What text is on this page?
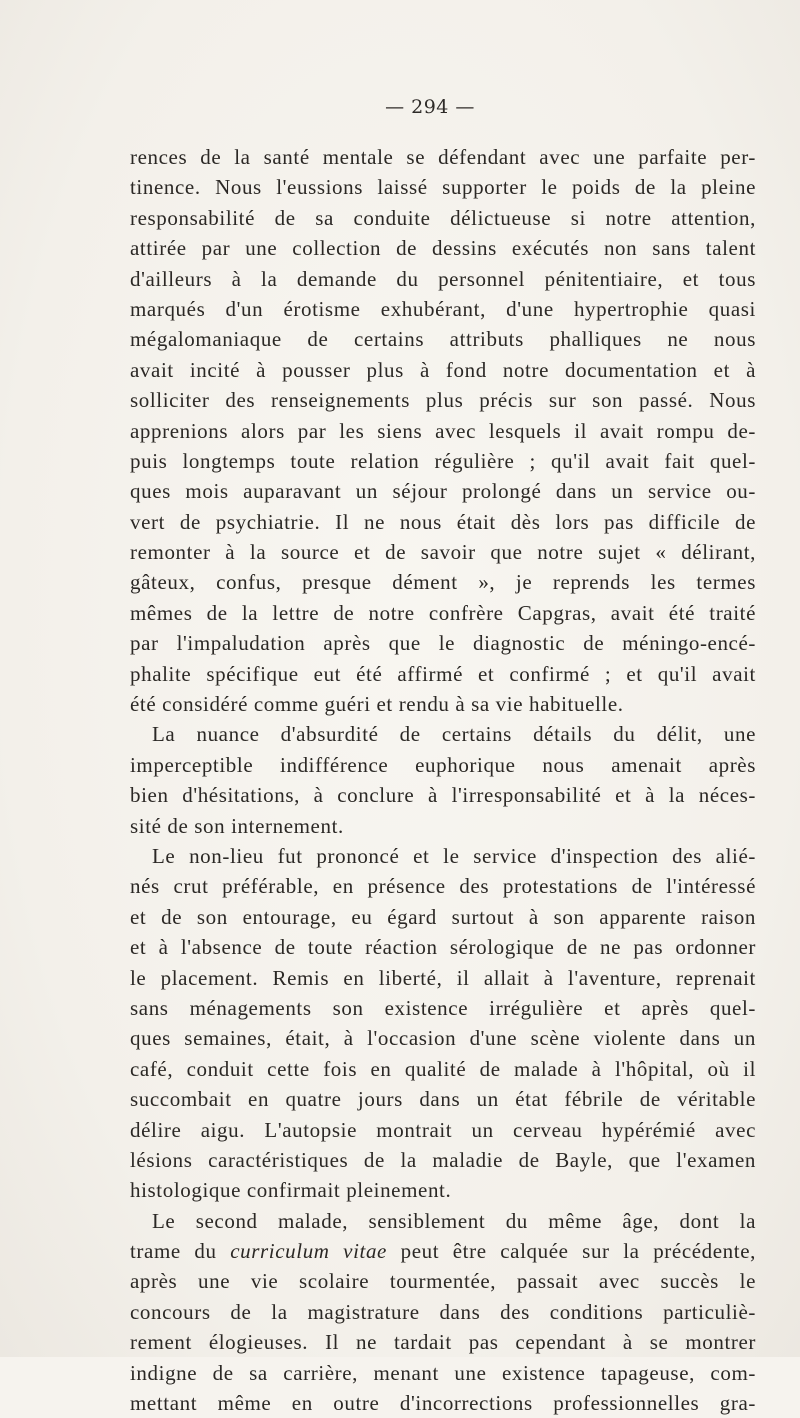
— 294 —
rences de la santé mentale se défendant avec une parfaite per-
tinence. Nous l'eussions laissé supporter le poids de la pleine
responsabilité de sa conduite délictueuse si notre attention,
attirée par une collection de dessins exécutés non sans talent
d'ailleurs à la demande du personnel pénitentiaire, et tous
marqués d'un érotisme exhubérant, d'une hypertrophie quasi
mégalomaniaque de certains attributs phalliques ne nous
avait incité à pousser plus à fond notre documentation et à
solliciter des renseignements plus précis sur son passé. Nous
apprenions alors par les siens avec lesquels il avait rompu de-
puis longtemps toute relation régulière ; qu'il avait fait quel-
ques mois auparavant un séjour prolongé dans un service ou-
vert de psychiatrie. Il ne nous était dès lors pas difficile de
remonter à la source et de savoir que notre sujet « délirant,
gâteux, confus, presque dément », je reprends les termes
mêmes de la lettre de notre confrère Capgras, avait été traité
par l'impaludation après que le diagnostic de méningo-encé-
phalite spécifique eut été affirmé et confirmé ; et qu'il avait
été considéré comme guéri et rendu à sa vie habituelle.
La nuance d'absurdité de certains détails du délit, une
imperceptible indifférence euphorique nous amenait après
bien d'hésitations, à conclure à l'irresponsabilité et à la néces-
sité de son internement.
Le non-lieu fut prononcé et le service d'inspection des alié-
nés crut préférable, en présence des protestations de l'intéressé
et de son entourage, eu égard surtout à son apparente raison
et à l'absence de toute réaction sérologique de ne pas ordonner
le placement. Remis en liberté, il allait à l'aventure, reprenait
sans ménagements son existence irrégulière et après quel-
ques semaines, était, à l'occasion d'une scène violente dans un
café, conduit cette fois en qualité de malade à l'hôpital, où il
succombait en quatre jours dans un état fébrile de véritable
délire aigu. L'autopsie montrait un cerveau hypérémié avec
lésions caractéristiques de la maladie de Bayle, que l'examen
histologique confirmait pleinement.
Le second malade, sensiblement du même âge, dont la
trame du curriculum vitae peut être calquée sur la précédente,
après une vie scolaire tourmentée, passait avec succès le
concours de la magistrature dans des conditions particuliè-
rement élogieuses. Il ne tardait pas cependant à se montrer
indigne de sa carrière, menant une existence tapageuse, com-
mettant même en outre d'incorrections professionnelles gra-
